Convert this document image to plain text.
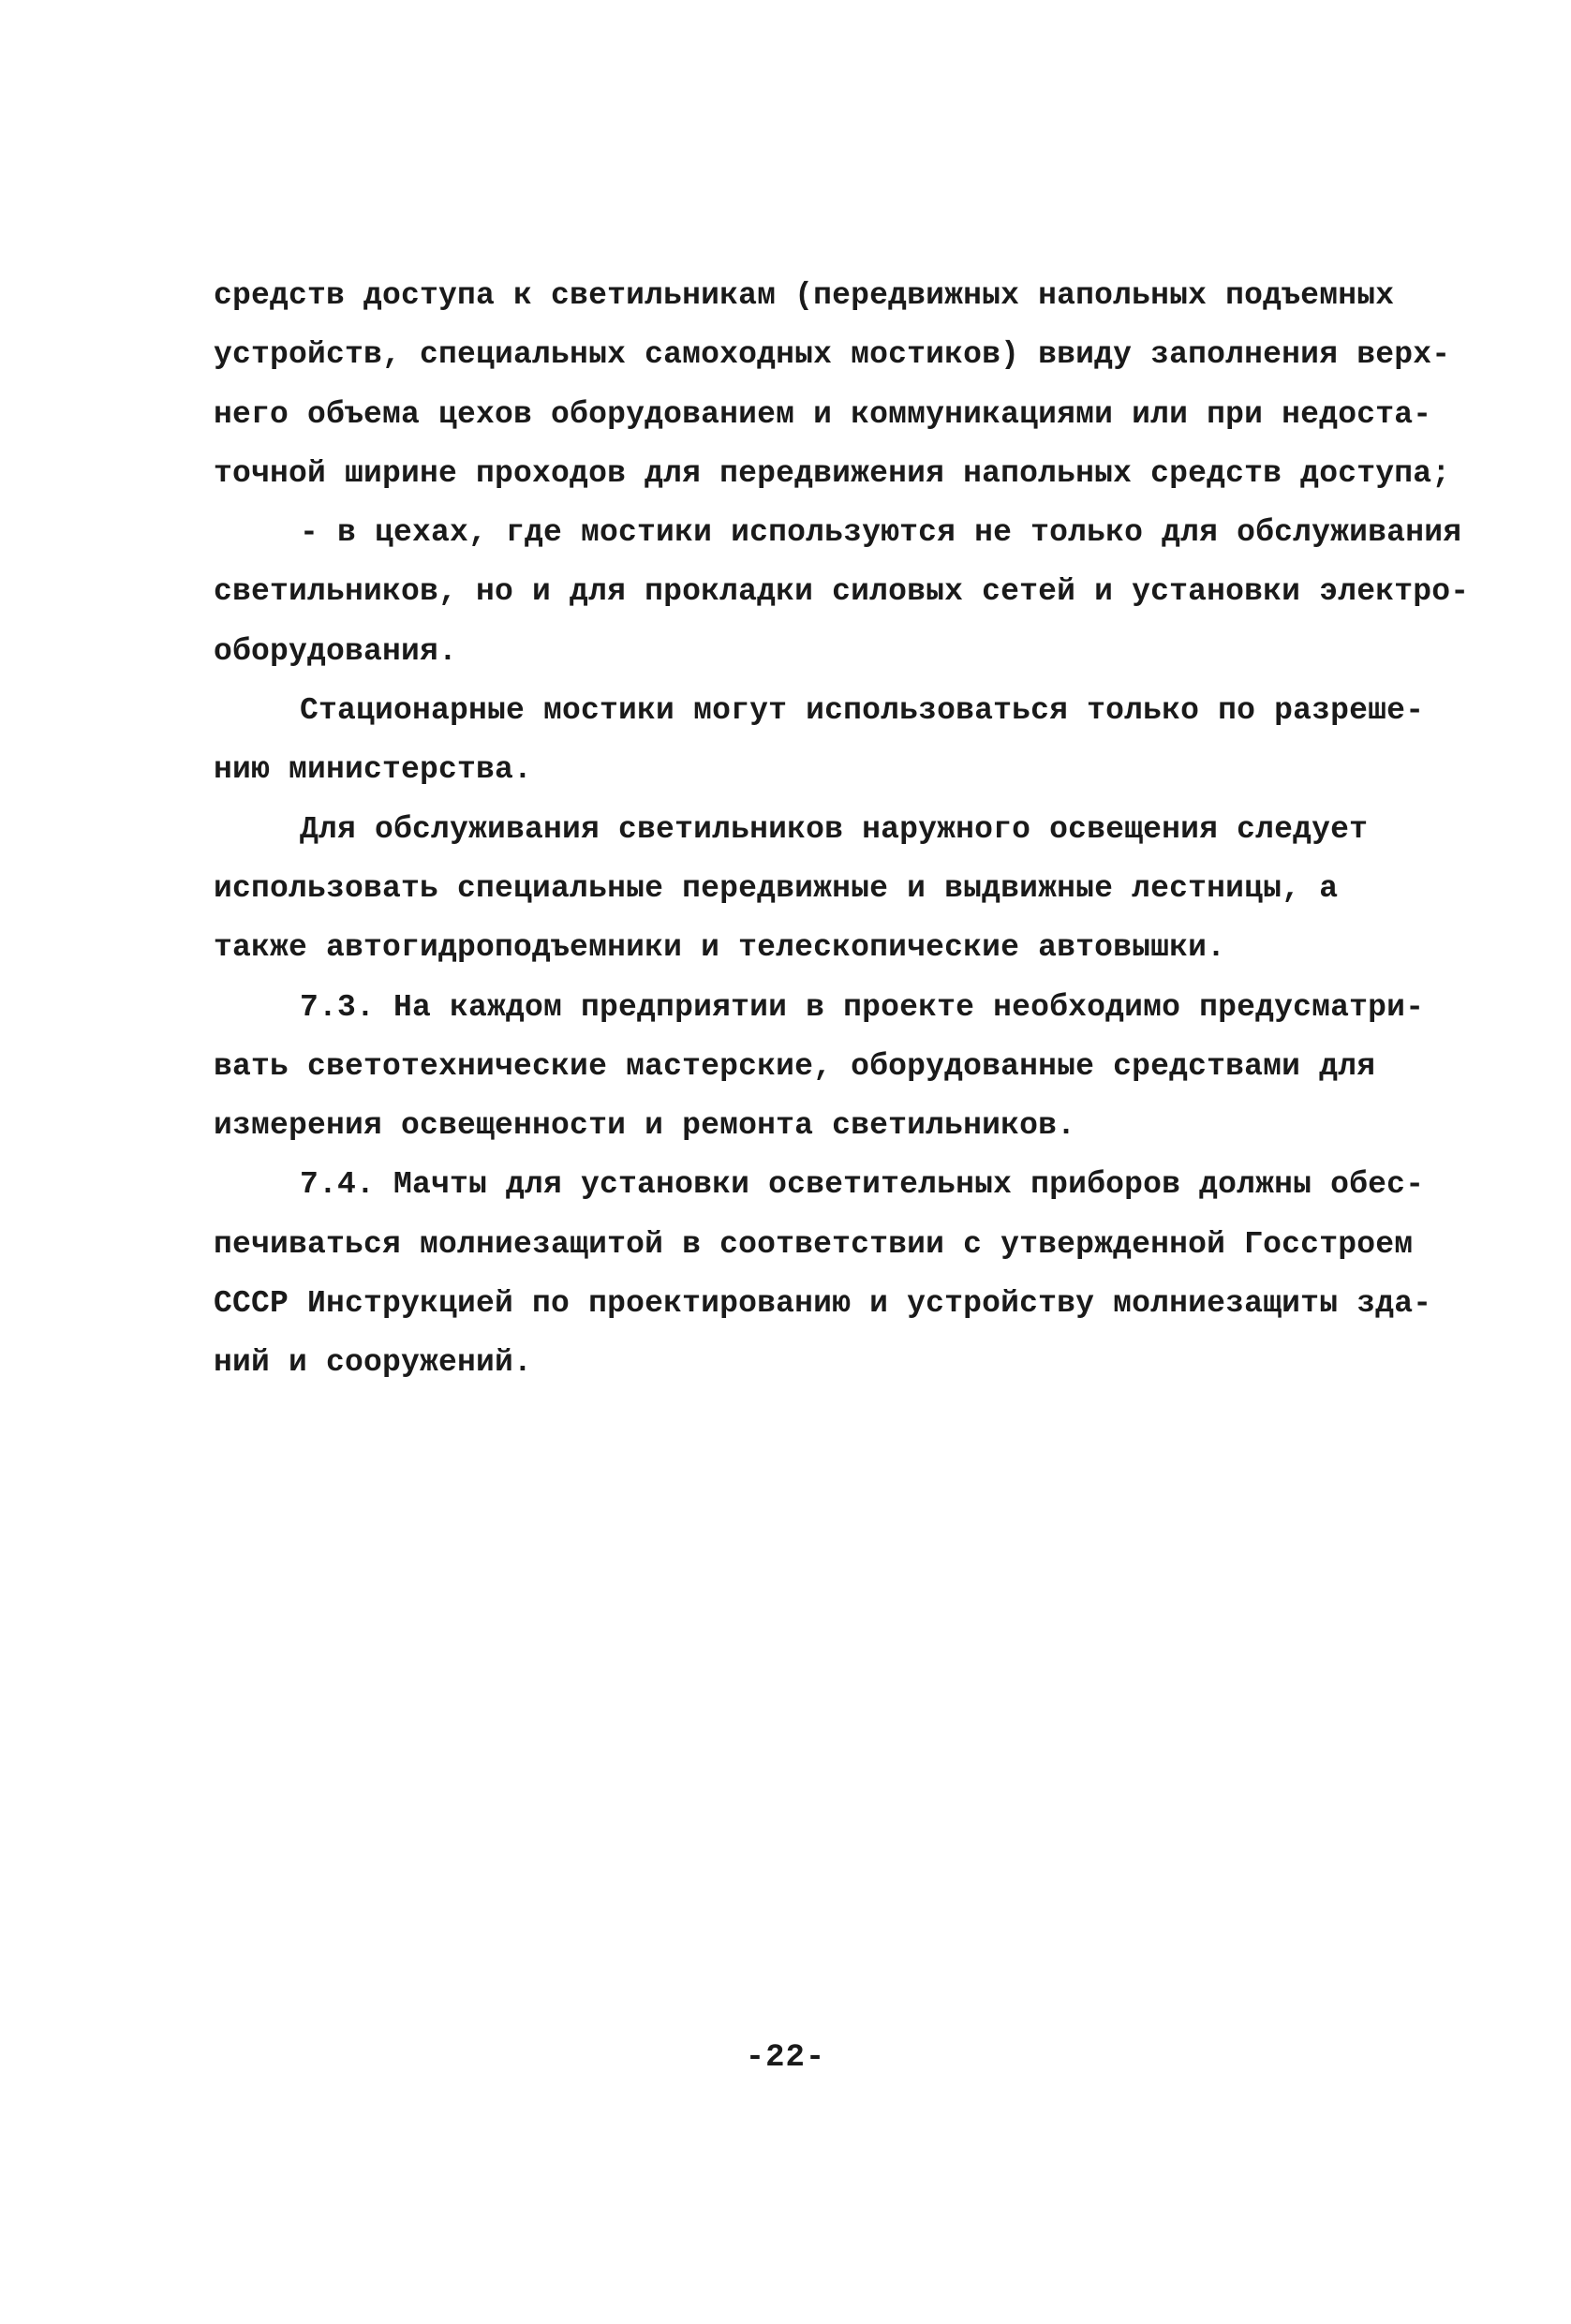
средств доступа к светильникам (передвижных напольных подъемных
устройств, специальных самоходных мостиков) ввиду заполнения верх-
него объема цехов оборудованием и коммуникациями или при недоста-
точной ширине проходов для передвижения напольных средств доступа;
- в цехах, где мостики используются не только для обслуживания
светильников, но и для прокладки силовых сетей и установки электро-
оборудования.
Стационарные мостики могут использоваться только по разреше-
нию министерства.
Для обслуживания светильников наружного освещения следует
использовать специальные передвижные и выдвижные лестницы, а
также автогидроподъемники и телескопические автовышки.
7.3. На каждом предприятии в проекте необходимо предусматри-
вать светотехнические мастерские, оборудованные средствами для
измерения освещенности и ремонта светильников.
7.4. Мачты для установки осветительных приборов должны обес-
печиваться молниезащитой в соответствии с утвержденной Госстроем
СССР Инструкцией по проектированию и устройству молниезащиты зда-
ний и сооружений.
-22-
